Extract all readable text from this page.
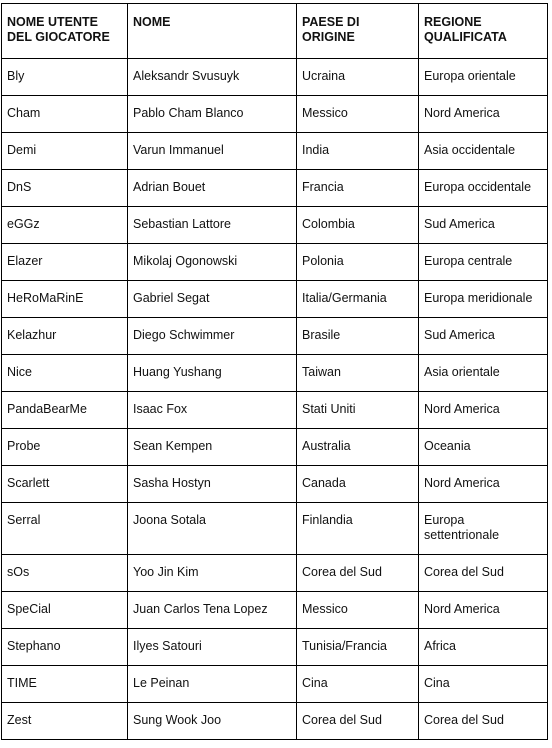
NOME UTENTE DEL GIOCATORE	NOME	PAESE DI ORIGINE	REGIONE QUALIFICATA
Bly	Aleksandr Svusuyk	Ucraina	Europa orientale
Cham	Pablo Cham Blanco	Messico	Nord America
Demi	Varun Immanuel	India	Asia occidentale
DnS	Adrian Bouet	Francia	Europa occidentale
eGGz	Sebastian Lattore	Colombia	Sud America
Elazer	Mikolaj Ogonowski	Polonia	Europa centrale
HeRoMaRinE	Gabriel Segat	Italia/Germania	Europa meridionale
Kelazhur	Diego Schwimmer	Brasile	Sud America
Nice	Huang Yushang	Taiwan	Asia orientale
PandaBearMe	Isaac Fox	Stati Uniti	Nord America
Probe	Sean Kempen	Australia	Oceania
Scarlett	Sasha Hostyn	Canada	Nord America
Serral	Joona Sotala	Finlandia	Europa settentrionale
sOs	Yoo Jin Kim	Corea del Sud	Corea del Sud
SpeCial	Juan Carlos Tena Lopez	Messico	Nord America
Stephano	Ilyes Satouri	Tunisia/Francia	Africa
TIME	Le Peinan	Cina	Cina
Zest	Sung Wook Joo	Corea del Sud	Corea del Sud
